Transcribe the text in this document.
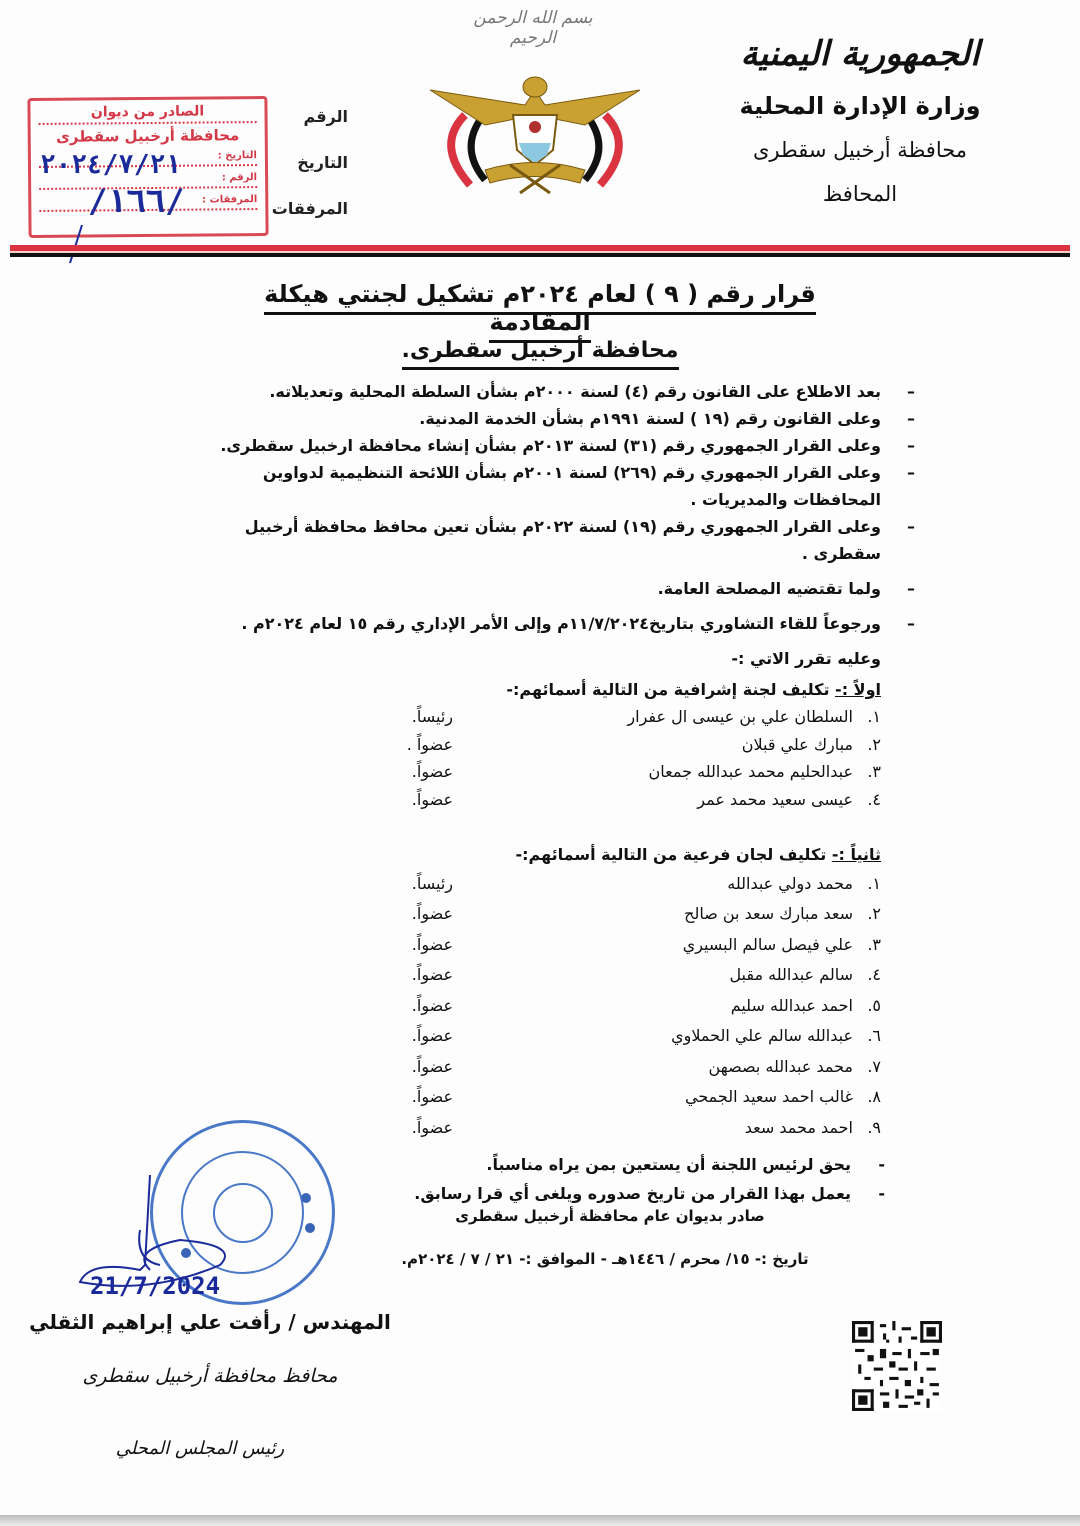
بسم الله الرحمن الرحيم	الجمهورية اليمنية
وزارة الإدارة المحلية
محافظة أرخبيل سقطرى
المحافظ
الرقم
التاريخ
المرفقات
الصادر من ديوان
محافظة أرخبيل سقطرى
التاريخ :
الرقم :
المرفقات :
٢٠٢٤/٧/٢١
/١٦٦/
قرار رقم ( ٩ ) لعام ٢٠٢٤م تشكيل لجنتي هيكلة المقادمة
محافظة أرخبيل سقطرى.
– بعد الاطلاع على القانون رقم (٤) لسنة ٢٠٠٠م بشأن السلطة المحلية وتعديلاته.
– وعلى القانون رقم (١٩ ) لسنة ١٩٩١م بشأن الخدمة المدنية.
– وعلى القرار الجمهوري رقم (٣١) لسنة ٢٠١٣م بشأن إنشاء محافظة ارخبيل سقطرى.
– وعلى القرار الجمهوري رقم (٢٦٩) لسنة ٢٠٠١م بشأن اللائحة التنظيمية لدواوين المحافظات والمديريات .
– وعلى القرار الجمهوري رقم (١٩) لسنة ٢٠٢٢م بشأن تعين محافظ محافظة أرخبيل سقطرى .
– ولما تقتضيه المصلحة العامة.
– ورجوعاً للقاء التشاوري بتاريخ١١/٧/٢٠٢٤م وإلى الأمر الإداري رقم ١٥ لعام ٢٠٢٤م .
وعليه تقرر الاتي :-
اولاً :- تكليف لجنة إشرافية من التالية أسمائهم:-
١.
السلطان علي بن عيسى ال عفرار
رئيساً.
٢.
مبارك علي قبلان
عضواً .
٣.
عبدالحليم محمد عبدالله جمعان
عضواً.
٤.
عيسى سعيد محمد عمر
عضواً.
ثانياً :- تكليف لجان فرعية من التالية أسمائهم:-
١.
محمد دولي عبدالله
رئيساً.
٢.
سعد مبارك سعد بن صالح
عضواً.
٣.
علي فيصل سالم البسيري
عضواً.
٤.
سالم عبدالله مقبل
عضواً.
٥.
احمد عبدالله سليم
عضواً.
٦.
عبدالله سالم علي الحملاوي
عضواً.
٧.
محمد عبدالله بصصهن
عضواً.
٨.
غالب احمد سعيد الجمحي
عضواً.
٩.
احمد محمد سعد
عضواً.
- يحق لرئيس اللجنة أن يستعين بمن يراه مناسباً.
- يعمل بهذا القرار من تاريخ صدوره ويلغى أي قرا رسابق.
صادر بديوان عام محافظة أرخبيل سقطرى
تاريخ :- ١٥/ محرم / ١٤٤٦هـ - الموافق :- ٢١ / ٧ / ٢٠٢٤م.
21/7/2024
المهندس / رأفت علي إبراهيم الثقلي
محافظ محافظة أرخبيل سقطرى
رئيس المجلس المحلي
